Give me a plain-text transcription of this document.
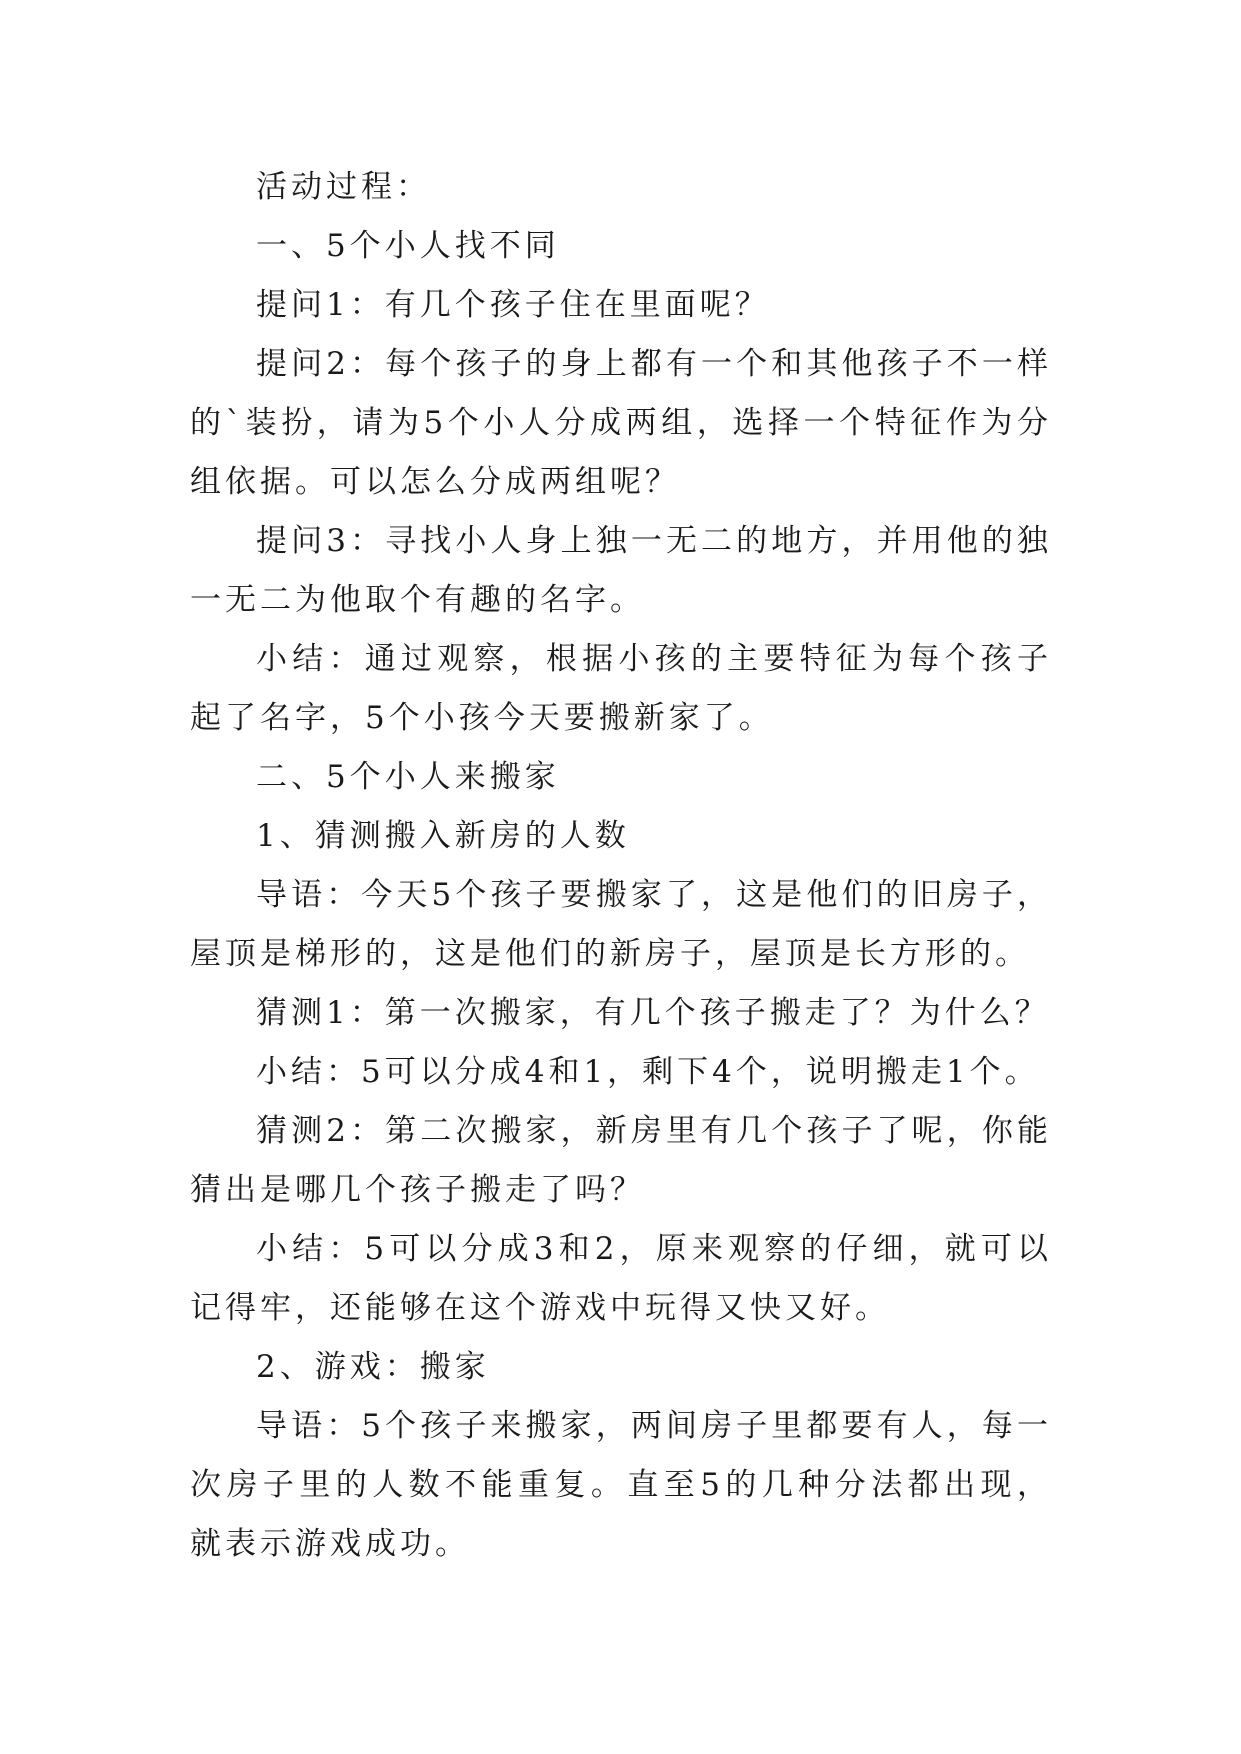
活动过程：

一、5个小人找不同

提问1：有几个孩子住在里面呢？

提问2：每个孩子的身上都有一个和其他孩子不一样的`装扮，请为5个小人分成两组，选择一个特征作为分组依据。可以怎么分成两组呢？

提问3：寻找小人身上独一无二的地方，并用他的独一无二为他取个有趣的名字。

小结：通过观察，根据小孩的主要特征为每个孩子起了名字，5个小孩今天要搬新家了。

二、5个小人来搬家

1、猜测搬入新房的人数

导语：今天5个孩子要搬家了，这是他们的旧房子，屋顶是梯形的，这是他们的新房子，屋顶是长方形的。

猜测1：第一次搬家，有几个孩子搬走了？为什么？

小结：5可以分成4和1，剩下4个，说明搬走1个。

猜测2：第二次搬家，新房里有几个孩子了呢，你能猜出是哪几个孩子搬走了吗？

小结：5可以分成3和2，原来观察的仔细，就可以记得牢，还能够在这个游戏中玩得又快又好。

2、游戏：搬家

导语：5个孩子来搬家，两间房子里都要有人，每一次房子里的人数不能重复。直至5的几种分法都出现，就表示游戏成功。
